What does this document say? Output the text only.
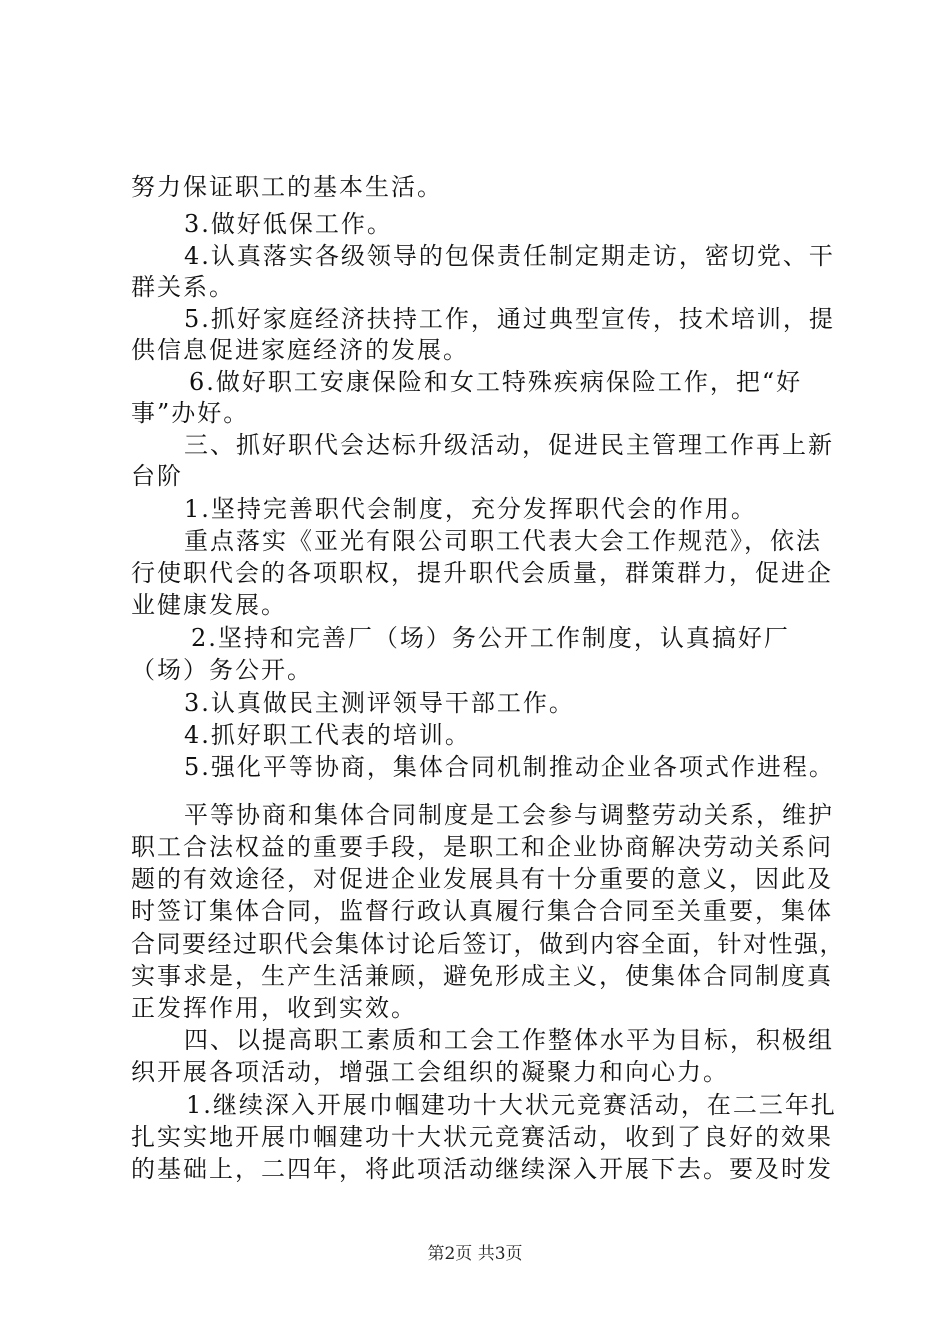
努力保证职工的基本生活。
3.做好低保工作。
4.认真落实各级领导的包保责任制定期走访，密切党、干
群关系。
5.抓好家庭经济扶持工作，通过典型宣传，技术培训，提
供信息促进家庭经济的发展。
6.做好职工安康保险和女工特殊疾病保险工作，把“好
事”办好。
三、抓好职代会达标升级活动，促进民主管理工作再上新
台阶
1.坚持完善职代会制度，充分发挥职代会的作用。
重点落实《亚光有限公司职工代表大会工作规范》，依法
行使职代会的各项职权，提升职代会质量，群策群力，促进企
业健康发展。
2.坚持和完善厂（场）务公开工作制度，认真搞好厂
（场）务公开。
3.认真做民主测评领导干部工作。
4.抓好职工代表的培训。
5.强化平等协商，集体合同机制推动企业各项式作进程。
平等协商和集体合同制度是工会参与调整劳动关系，维护
职工合法权益的重要手段，是职工和企业协商解决劳动关系问
题的有效途径，对促进企业发展具有十分重要的意义，因此及
时签订集体合同，监督行政认真履行集合合同至关重要，集体
合同要经过职代会集体讨论后签订，做到内容全面，针对性强，
实事求是，生产生活兼顾，避免形成主义，使集体合同制度真
正发挥作用，收到实效。
四、以提高职工素质和工会工作整体水平为目标，积极组
织开展各项活动，增强工会组织的凝聚力和向心力。
1.继续深入开展巾帼建功十大状元竞赛活动，在二三年扎
扎实实地开展巾帼建功十大状元竞赛活动，收到了良好的效果
的基础上，二四年，将此项活动继续深入开展下去。要及时发
第2页 共3页
